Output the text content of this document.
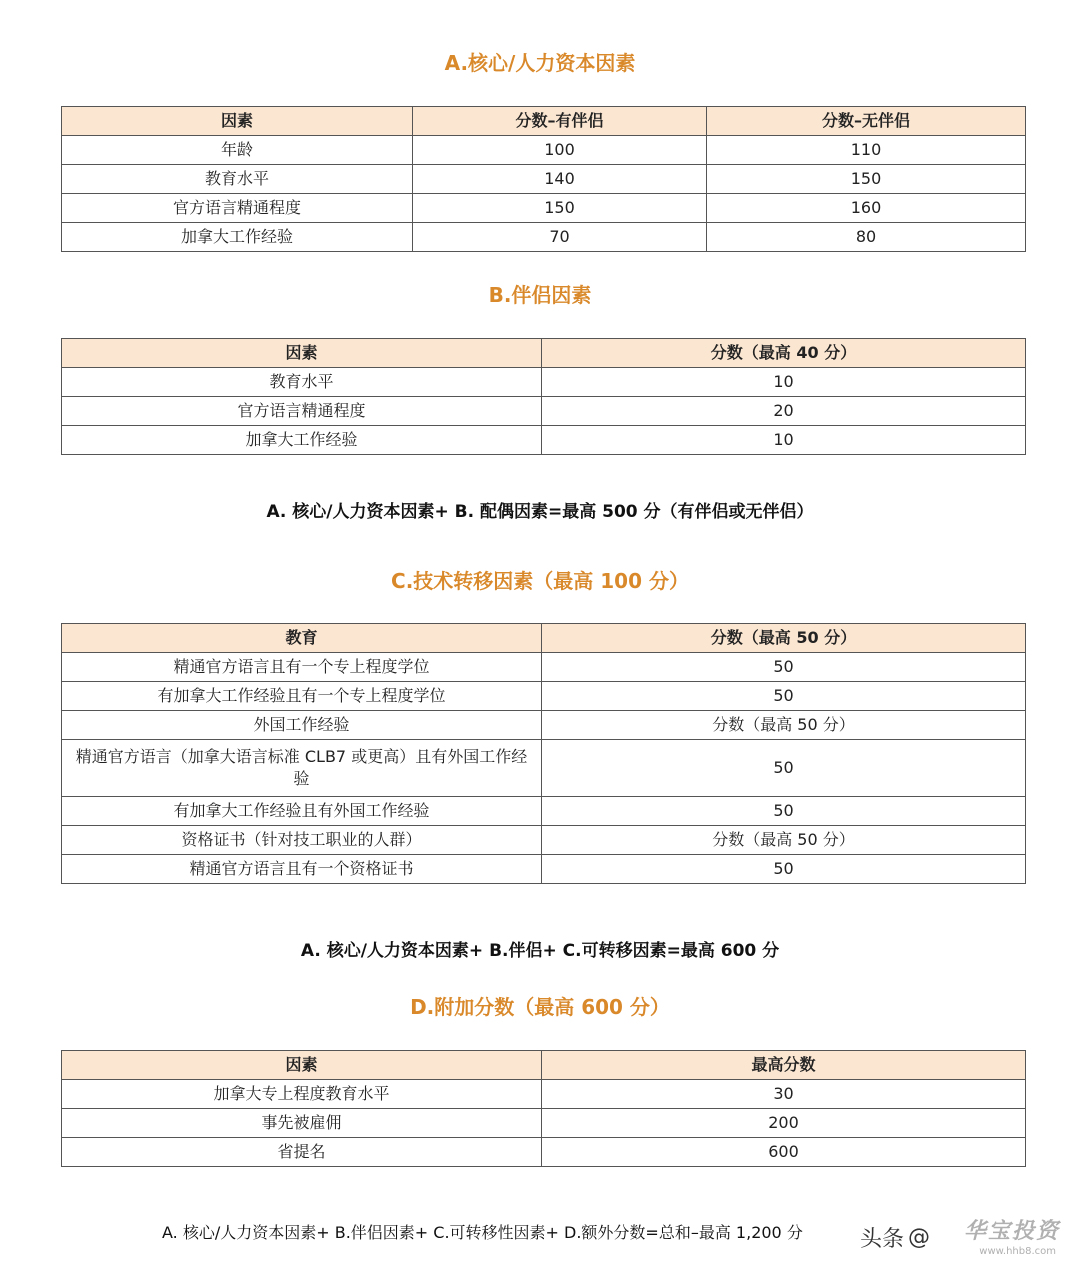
A.核心/人力资本因素
因素	分数–有伴侣	分数–无伴侣
年龄	100	110
教育水平	140	150
官方语言精通程度	150	160
加拿大工作经验	70	80
B.伴侣因素
因素	分数（最高 40 分）
教育水平	10
官方语言精通程度	20
加拿大工作经验	10
A. 核心/人力资本因素+ B. 配偶因素=最高 500 分（有伴侣或无伴侣）
C.技术转移因素（最高 100 分）
教育	分数（最高 50 分）
精通官方语言且有一个专上程度学位	50
有加拿大工作经验且有一个专上程度学位	50
外国工作经验	分数（最高 50 分）
精通官方语言（加拿大语言标准 CLB7 或更高）且有外国工作经验	50
有加拿大工作经验且有外国工作经验	50
资格证书（针对技工职业的人群）	分数（最高 50 分）
精通官方语言且有一个资格证书	50
A. 核心/人力资本因素+ B.伴侣+ C.可转移因素=最高 600 分
D.附加分数（最高 600 分）
因素	最高分数
加拿大专上程度教育水平	30
事先被雇佣	200
省提名	600
A. 核心/人力资本因素+ B.伴侣因素+ C.可转移性因素+ D.额外分数=总和–最高 1,200 分	头条 @ 华宝投资
www.hhb8.com
